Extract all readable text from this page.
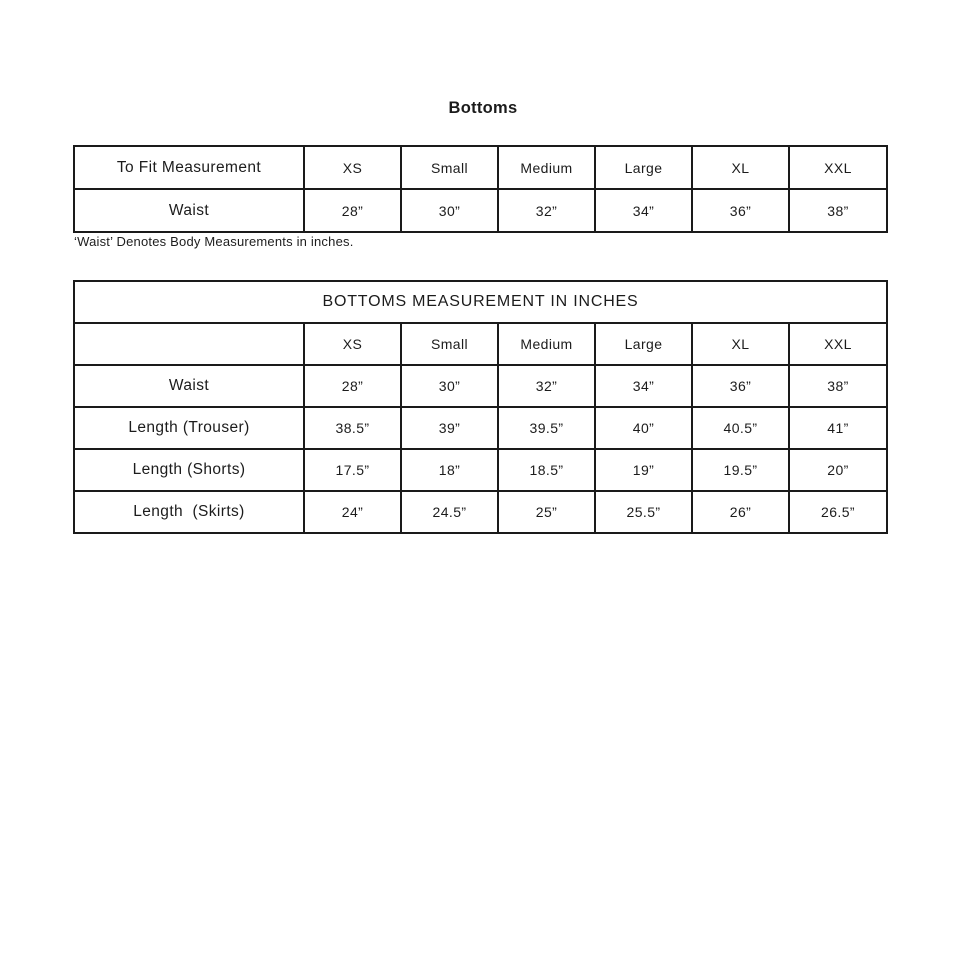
Bottoms
To Fit Measurement	XS	Small	Medium	Large	XL	XXL
Waist	28”	30”	32”	34”	36”	38”
‘Waist’ Denotes Body Measurements in inches.
BOTTOMS MEASUREMENT IN INCHES						
	XS	Small	Medium	Large	XL	XXL
Waist	28”	30”	32”	34”	36”	38”
Length (Trouser)	38.5”	39”	39.5”	40”	40.5”	41”
Length (Shorts)	17.5”	18”	18.5”	19”	19.5”	20”
Length  (Skirts)	24”	24.5”	25”	25.5”	26”	26.5”
